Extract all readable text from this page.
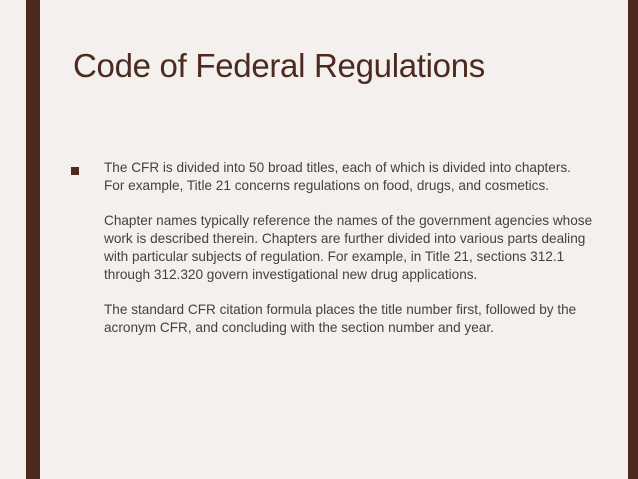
Code of Federal Regulations

The CFR is divided into 50 broad titles, each of which is divided into chapters. For example, Title 21 concerns regulations on food, drugs, and cosmetics.

Chapter names typically reference the names of the government agencies whose work is described therein. Chapters are further divided into various parts dealing with particular subjects of regulation. For example, in Title 21, sections 312.1 through 312.320 govern investigational new drug applications.

The standard CFR citation formula places the title number first, followed by the acronym CFR, and concluding with the section number and year.
